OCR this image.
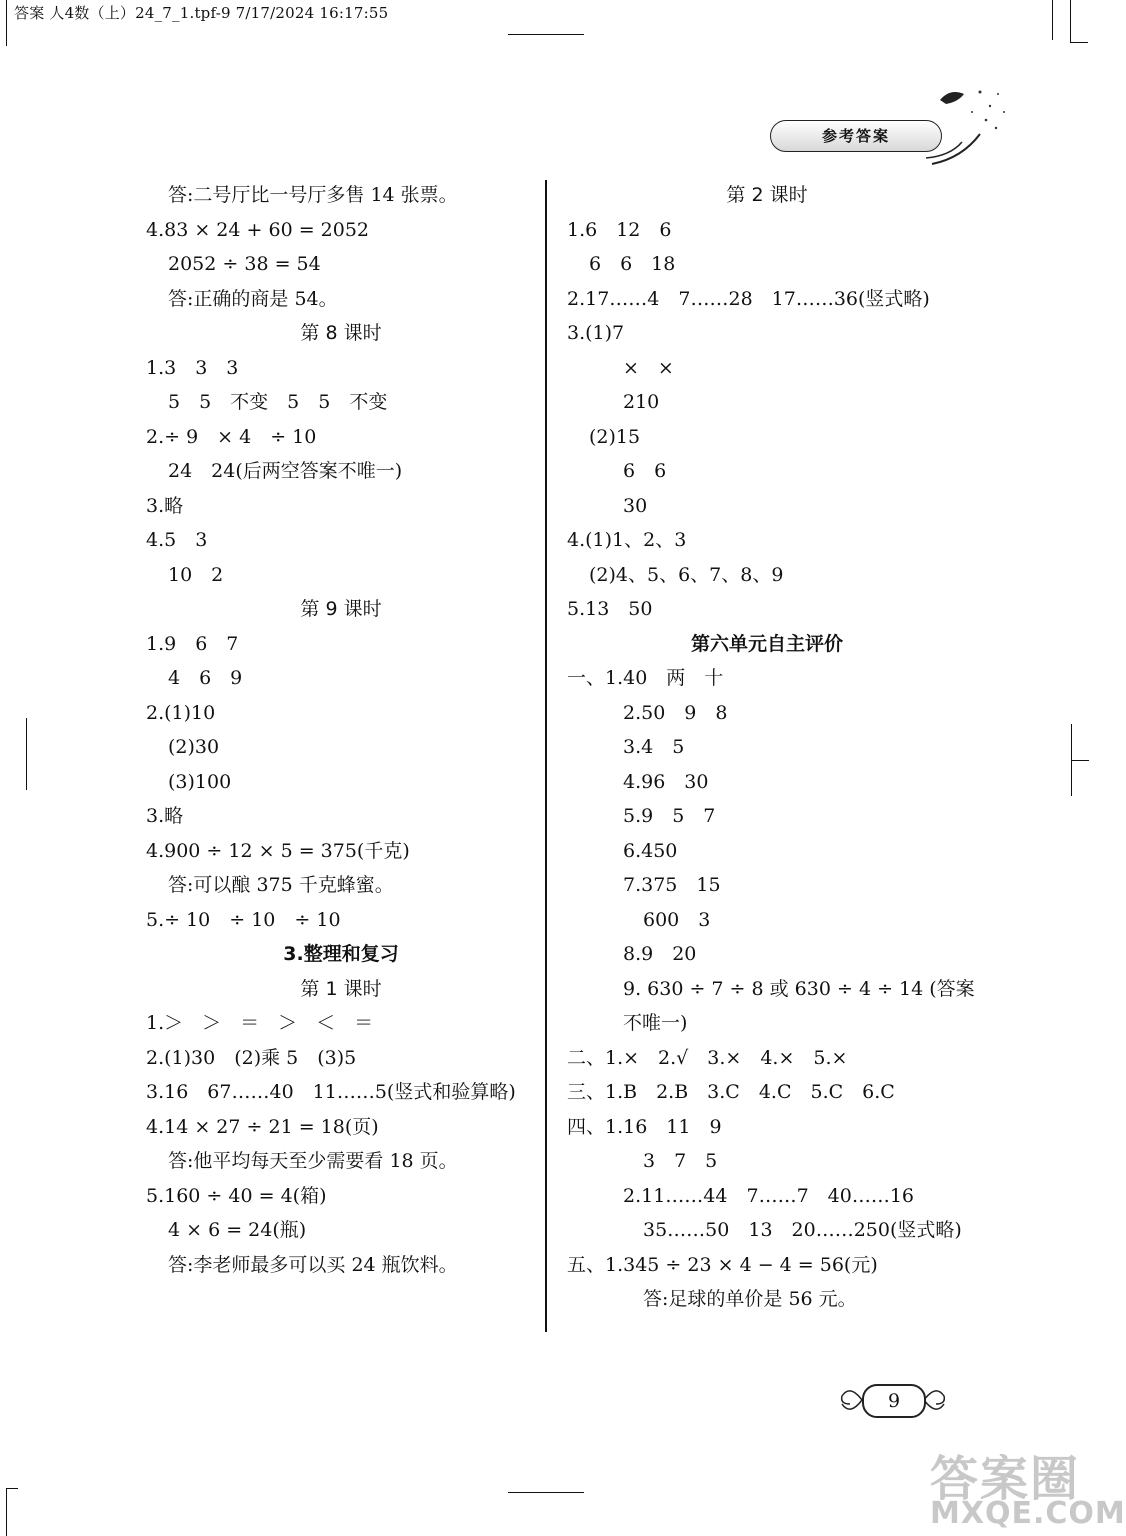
答案 人4数（上）24_7_1.tpf-9 7/17/2024 16:17:55
参考答案
答:二号厅比一号厅多售 14 张票。
4.83 × 24 + 60 = 2052
2052 ÷ 38 = 54
答:正确的商是 54。
第 8 课时
1.3　3　3
5　5　不变　5　5　不变
2.÷ 9　× 4　÷ 10
24　24(后两空答案不唯一)
3.略
4.5　3
10　2
第 9 课时
1.9　6　7
4　6　9
2.(1)10
(2)30
(3)100
3.略
4.900 ÷ 12 × 5 = 375(千克)
答:可以酿 375 千克蜂蜜。
5.÷ 10　÷ 10　÷ 10
3.整理和复习
第 1 课时
1.＞　＞　＝　＞　＜　＝
2.(1)30　(2)乘 5　(3)5
3.16　67……40　11……5(竖式和验算略)
4.14 × 27 ÷ 21 = 18(页)
答:他平均每天至少需要看 18 页。
5.160 ÷ 40 = 4(箱)
4 × 6 = 24(瓶)
答:李老师最多可以买 24 瓶饮料。
第 2 课时
1.6　12　6
6　6　18
2.17……4　7……28　17……36(竖式略)
3.(1)7
×　×
210
(2)15
6　6
30
4.(1)1、2、3
(2)4、5、6、7、8、9
5.13　50
第六单元自主评价
一、1.40　两　十
2.50　9　8
3.4　5
4.96　30
5.9　5　7
6.450
7.375　15
600　3
8.9　20
9. 630 ÷ 7 ÷ 8 或 630 ÷ 4 ÷ 14 (答案
不唯一)
二、1.×　2.√　3.×　4.×　5.×
三、1.B　2.B　3.C　4.C　5.C　6.C
四、1.16　11　9
3　7　5
2.11……44　7……7　40……16
35……50　13　20……250(竖式略)
五、1.345 ÷ 23 × 4 − 4 = 56(元)
答:足球的单价是 56 元。
9
答案圈
MXQE.COM
